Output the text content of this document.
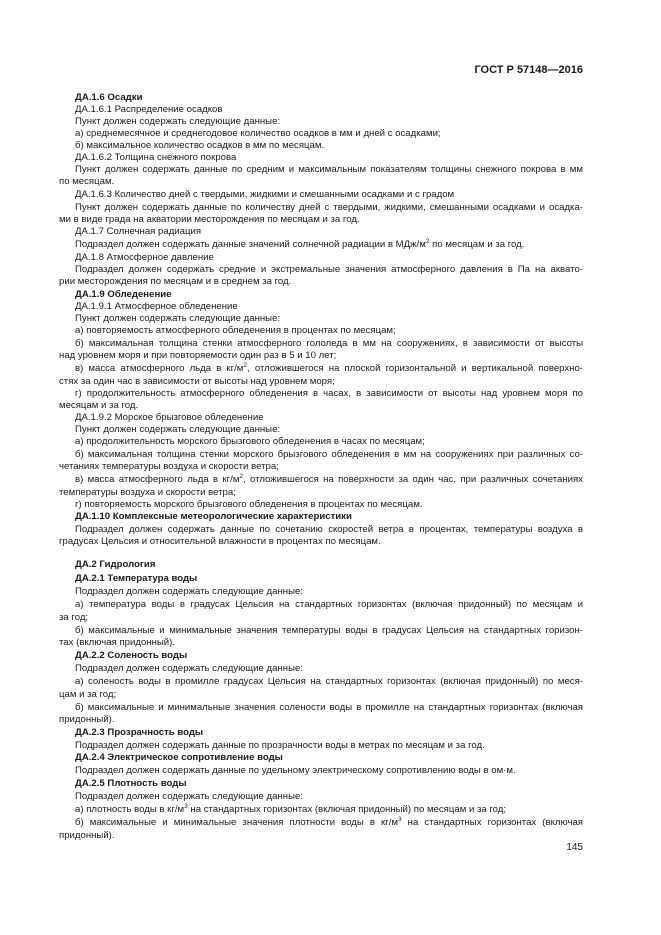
ГОСТ Р 57148—2016
ДА.1.6 Осадки
ДА.1.6.1 Распределение осадков
Пункт должен содержать следующие данные:
а) среднемесячное и среднегодовое количество осадков в мм и дней с осадками;
б) максимальное количество осадков в мм по месяцам.
ДА.1.6.2 Толщина снежного покрова
Пункт должен содержать данные по средним и максимальным показателям толщины снежного покрова в мм
по месяцам.
ДА.1.6.3 Количество дней с твердыми, жидкими и смешанными осадками и с градом
Пункт должен содержать данные по количеству дней с твердыми, жидкими, смешанными осадками и осадка-
ми в виде града на акватории месторождения по месяцам и за год.
ДА.1.7 Солнечная радиация
Подраздел должен содержать данные значений солнечной радиации в МДж/$м^2$ по месяцам и за год.
ДА.1.8 Атмосферное давление
Подраздел должен содержать средние и экстремальные значения атмосферного давления в Па на аквато-
рии месторождения по месяцам и в среднем за год.
ДА.1.9 Обледенение
ДА.1.9.1 Атмосферное обледенение
Пункт должен содержать следующие данные:
а) повторяемость атмосферного обледенения в процентах по месяцам;
б) максимальная толщина стенки атмосферного гололеда в мм на сооружениях, в зависимости от высоты
над уровнем моря и при повторяемости один раз в 5 и 10 лет;
в) масса атмосферного льда в $кг/м^2$, отложившегося на плоской горизонтальной и вертикальной поверхно-
стях за один час в зависимости от высоты над уровнем моря;
г) продолжительность атмосферного обледенения в часах, в зависимости от высоты над уровнем моря по
месяцам и за год.
ДА.1.9.2 Морское брызговое обледенение
Пункт должен содержать следующие данные:
а) продолжительность морского брызгового обледенения в часах по месяцам;
б) максимальная толщина стенки морского брызгового обледенения в мм на сооружениях при различных со-
четаниях температуры воздуха и скорости ветра;
в) масса атмосферного льда в $кг/м^2$, отложившегося на поверхности за один час, при различных сочетаниях
температуры воздуха и скорости ветра;
г) повторяемость морского брызгового обледенения в процентах по месяцам.
ДА.1.10 Комплексные метеорологические характеристики
Подраздел должен содержать данные по сочетанию скоростей ветра в процентах, температуры воздуха в
градусах Цельсия и относительной влажности в процентах по месяцам.
ДА.2 Гидрология
ДА.2.1 Температура воды
Подраздел должен содержать следующие данные:
а) температура воды в градусах Цельсия на стандартных горизонтах (включая придонный) по месяцам и
за год;
б) максимальные и минимальные значения температуры воды в градусах Цельсия на стандартных горизон-
тах (включая придонный).
ДА.2.2 Соленость воды
Подраздел должен содержать следующие данные:
а) соленость воды в промилле градусах Цельсия на стандартных горизонтах (включая придонный) по меся-
цам и за год;
б) максимальные и минимальные значения солености воды в промилле на стандартных горизонтах (включая
придонный).
ДА.2.3 Прозрачность воды
Подраздел должен содержать данные по прозрачности воды в метрах по месяцам и за год.
ДА.2.4 Электрическое сопротивление воды
Подраздел должен содержать данные по удельному электрическому сопротивлению воды в ом·м.
ДА.2.5 Плотность воды
Подраздел должен содержать следующие данные:
а) плотность воды в $кг/м^3$ на стандартных горизонтах (включая придонный) по месяцам и за год;
б) максимальные и минимальные значения плотности воды в $кг/м^3$ на стандартных горизонтах (включая
придонный).
145
